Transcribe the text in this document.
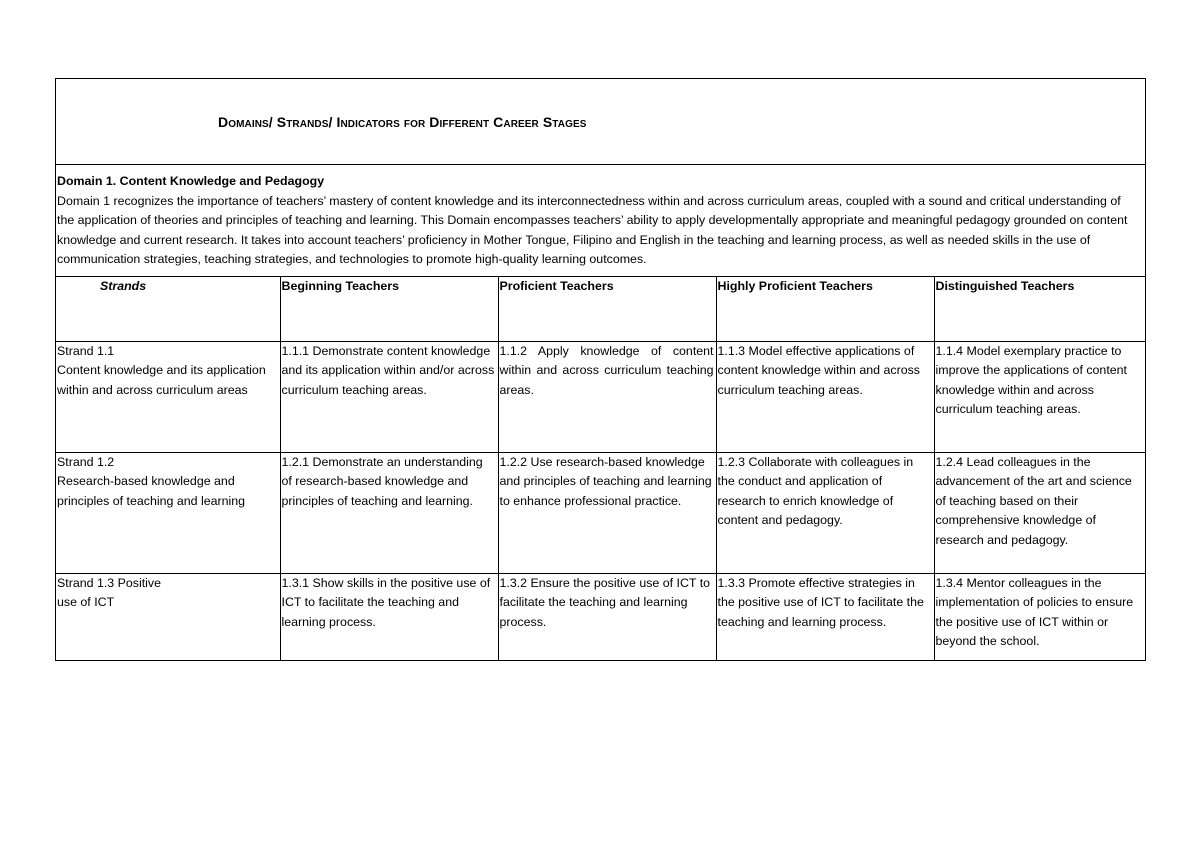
Domains/ Strands/ Indicators for Different Career Stages
Domain 1. Content Knowledge and Pedagogy
Domain 1 recognizes the importance of teachers’ mastery of content knowledge and its interconnectedness within and across curriculum areas, coupled with a sound and critical understanding of the application of theories and principles of teaching and learning. This Domain encompasses teachers’ ability to apply developmentally appropriate and meaningful pedagogy grounded on content knowledge and current research. It takes into account teachers’ proficiency in Mother Tongue, Filipino and English in the teaching and learning process, as well as needed skills in the use of communication strategies, teaching strategies, and technologies to promote high-quality learning outcomes.
Strands	Beginning Teachers	Proficient Teachers	Highly Proficient Teachers	Distinguished Teachers

Strand 1.1
Content knowledge and its application within and across curriculum areas	1.1.1 Demonstrate content knowledge and its application within and/or across curriculum teaching areas.	1.1.2 Apply knowledge of content within and across curriculum teaching areas.	1.1.3 Model effective applications of content knowledge within and across curriculum teaching areas.	1.1.4 Model exemplary practice to improve the applications of content knowledge within and across curriculum teaching areas.

Strand 1.2
Research-based knowledge and principles of teaching and learning	1.2.1 Demonstrate an understanding of research-based knowledge and principles of teaching and learning.	1.2.2 Use research-based knowledge and principles of teaching and learning to enhance professional practice.	1.2.3 Collaborate with colleagues in the conduct and application of research to enrich knowledge of content and pedagogy.	1.2.4 Lead colleagues in the advancement of the art and science of teaching based on their comprehensive knowledge of research and pedagogy.

Strand 1.3 Positive
use of ICT	1.3.1 Show skills in the positive use of ICT to facilitate the teaching and learning process.	1.3.2 Ensure the positive use of ICT to facilitate the teaching and learning process.	1.3.3 Promote effective strategies in the positive use of ICT to facilitate the teaching and learning process.	1.3.4 Mentor colleagues in the implementation of policies to ensure the positive use of ICT within or beyond the school.
